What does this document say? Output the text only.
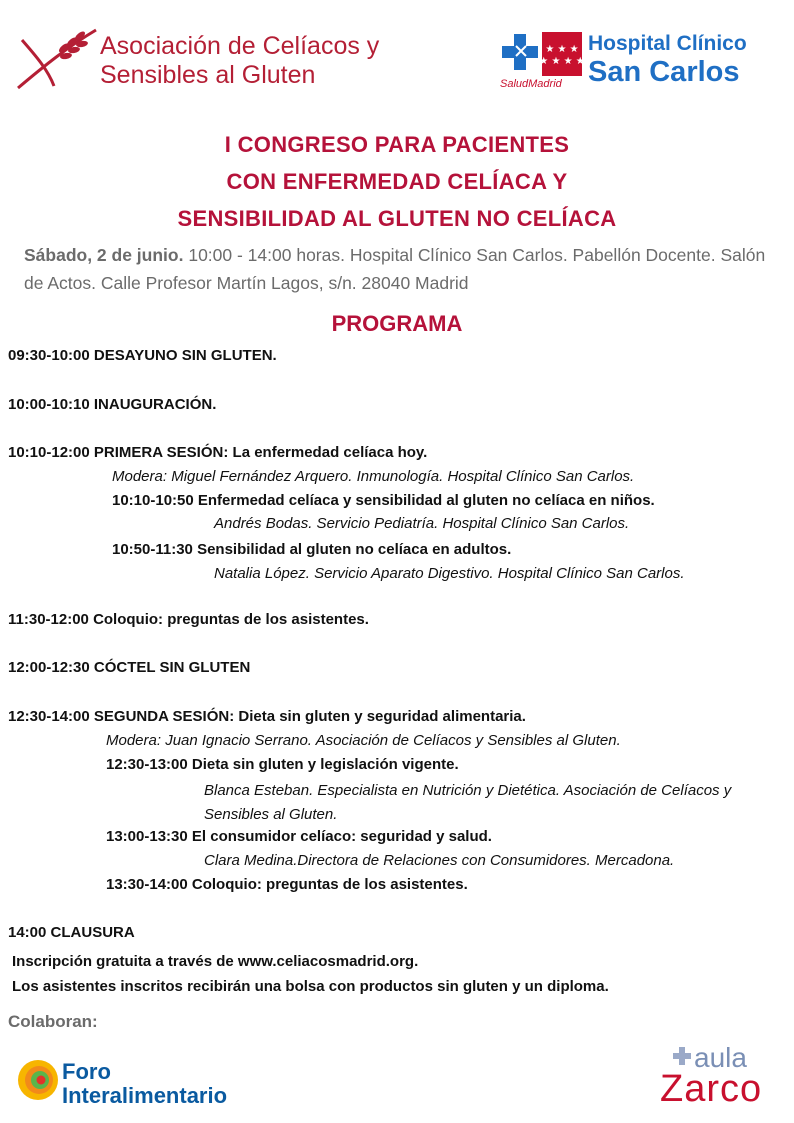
Asociación de Celíacos y
Sensibles al Gluten
★ ★ ★
★ ★ ★ ★
SaludMadrid
Hospital Clínico
San Carlos
I CONGRESO PARA PACIENTES
CON ENFERMEDAD CELÍACA Y
SENSIBILIDAD AL GLUTEN NO CELÍACA
Sábado, 2 de junio. 10:00 - 14:00 horas. Hospital Clínico San Carlos. Pabellón Docente. Salón de Actos. Calle Profesor Martín Lagos, s/n. 28040 Madrid
PROGRAMA
09:30-10:00 DESAYUNO SIN GLUTEN.
10:00-10:10 INAUGURACIÓN.
10:10-12:00 PRIMERA SESIÓN: La enfermedad celíaca hoy.
Modera: Miguel Fernández Arquero. Inmunología. Hospital Clínico San Carlos.
10:10-10:50 Enfermedad celíaca y sensibilidad al gluten no celíaca en niños.
Andrés Bodas. Servicio Pediatría. Hospital Clínico San Carlos.
10:50-11:30 Sensibilidad al gluten no celíaca en adultos.
Natalia López. Servicio Aparato Digestivo. Hospital Clínico San Carlos.
11:30-12:00 Coloquio: preguntas de los asistentes.
12:00-12:30 CÓCTEL SIN GLUTEN
12:30-14:00 SEGUNDA SESIÓN: Dieta sin gluten y seguridad alimentaria.
Modera: Juan Ignacio Serrano. Asociación de Celíacos y Sensibles al Gluten.
12:30-13:00 Dieta sin gluten y legislación vigente.
Blanca Esteban. Especialista en Nutrición y Dietética. Asociación de Celíacos y Sensibles al Gluten.
13:00-13:30 El consumidor celíaco: seguridad y salud.
Clara Medina.Directora de Relaciones con Consumidores. Mercadona.
13:30-14:00 Coloquio: preguntas de los asistentes.
14:00 CLAUSURA
Inscripción gratuita a través de www.celiacosmadrid.org.
Los asistentes inscritos recibirán una bolsa con productos sin gluten y un diploma.
Colaboran:
Foro
Interalimentario
aula
Zarco
